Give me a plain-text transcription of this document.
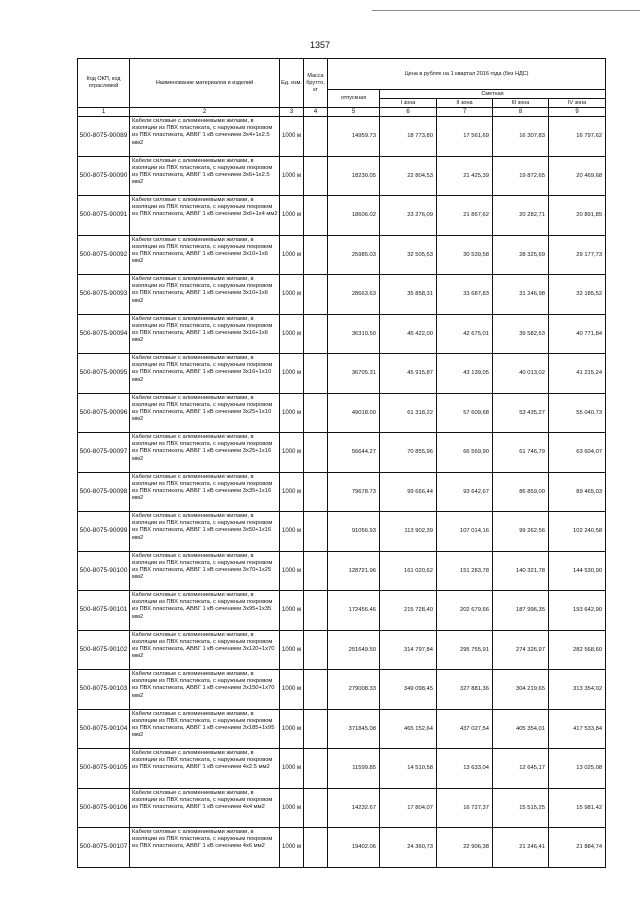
1357
Код ОКП, код отраслевой	Наименование материалов и изделий	Ед. изм.	Масса брутто, кг	Цена в рублях на 1 квартал 2016 года (без НДС)				
				отпускная	Сметная			
					I зона	II зона	III зона	IV зона
1	2	3	4	5	6	7	8	9
500-8075-90089	Кабели силовые с алюминиевыми жилами, в изоляции из ПВХ пластиката, с наружным покровом из ПВХ пластиката, АВВГ 1 кВ сечением 3х4+1х2.5 мм2	1000 м		14959.73	18 773,80	17 561,69	16 307,83	16 797,62
500-8075-90090	Кабели силовые с алюминиевыми жилами, в изоляции из ПВХ пластиката, с наружным покровом из ПВХ пластиката, АВВГ 1 кВ сечением 3х6+1х2.5 мм2	1000 м		18230.05	22 804,53	21 425,39	19 872,65	20 469,68
500-8075-90091	Кабели силовые с алюминиевыми жилами, в изоляции из ПВХ пластиката, с наружным покровом из ПВХ пластиката, АВВГ 1 кВ сечением 3х6+1х4 мм2	1000 м		18606.02	23 276,09	21 867,62	20 282,71	20 891,85
500-8075-90092	Кабели силовые с алюминиевыми жилами, в изоляции из ПВХ пластиката, с наружным покровом из ПВХ пластиката, АВВГ 1 кВ сечением 3х10+1х6 мм2	1000 м		25985.03	32 505,53	30 539,58	28 325,69	29 177,73
500-8075-90093	Кабели силовые с алюминиевыми жилами, в изоляции из ПВХ пластиката, с наружным покровом из ПВХ пластиката, АВВГ 1 кВ сечением 3х10+1х6 мм2	1000 м		28663.63	35 858,31	33 687,83	31 246,98	32 185,52
500-8075-90094	Кабели силовые с алюминиевыми жилами, в изоляции из ПВХ пластиката, с наружным покровом из ПВХ пластиката, АВВГ 1 кВ сечением 3х16+1х6 мм2	1000 м		36310.50	45 422,00	42 675,01	39 582,63	40 771,84
500-8075-90095	Кабели силовые с алюминиевыми жилами, в изоляции из ПВХ пластиката, с наружным покровом из ПВХ пластиката, АВВГ 1 кВ сечением 3х16+1х10 мм2	1000 м		36705.31	45 915,87	43 139,05	40 013,02	41 215,24
500-8075-90096	Кабели силовые с алюминиевыми жилами, в изоляции из ПВХ пластиката, с наружным покровом из ПВХ пластиката, АВВГ 1 кВ сечением 3х25+1х10 мм2	1000 м		49018.00	61 318,22	57 609,68	53 435,27	55 040,73
500-8075-90097	Кабели силовые с алюминиевыми жилами, в изоляции из ПВХ пластиката, с наружным покровом из ПВХ пластиката, АВВГ 1 кВ сечением 3х25+1х16 мм2	1000 м		56644.27	70 855,96	66 569,90	61 746,79	63 604,07
500-8075-90098	Кабели силовые с алюминиевыми жилами, в изоляции из ПВХ пластиката, с наружным покровом из ПВХ пластиката, АВВГ 1 кВ сечением 3х35+1х16 мм2	1000 м		79678.73	99 666,44	93 642,67	86 859,00	89 465,03
500-8075-90099	Кабели силовые с алюминиевыми жилами, в изоляции из ПВХ пластиката, с наружным покровом из ПВХ пластиката, АВВГ 1 кВ сечением 3х50+1х16 мм2	1000 м		91056.93	113 902,39	107 014,16	99 262,56	102 240,58
500-8075-90100	Кабели силовые с алюминиевыми жилами, в изоляции из ПВХ пластиката, с наружным покровом из ПВХ пластиката, АВВГ 1 кВ сечением 3х70+1х25 мм2	1000 м		128721.96	161 020,62	151 283,78	140 321,78	144 530,90
500-8075-90101	Кабели силовые с алюминиевыми жилами, в изоляции из ПВХ пластиката, с наружным покровом из ПВХ пластиката, АВВГ 1 кВ сечением 3х95+1х35 мм2	1000 м		172456.46	215 728,40	202 679,66	187 996,35	193 642,90
500-8075-90102	Кабели силовые с алюминиевыми жилами, в изоляции из ПВХ пластиката, с наружным покровом из ПВХ пластиката, АВВГ 1 кВ сечением 3х120+1х70 мм2	1000 м		251649.50	314 797,84	295 755,91	274 326,97	282 568,60
500-8075-90103	Кабели силовые с алюминиевыми жилами, в изоляции из ПВХ пластиката, с наружным покровом из ПВХ пластиката, АВВГ 1 кВ сечением 3х150+1х70 мм2	1000 м		279008.33	349 098,45	327 881,36	304 219,65	313 354,02
500-8075-90104	Кабели силовые с алюминиевыми жилами, в изоляции из ПВХ пластиката, с наружным покровом из ПВХ пластиката, АВВГ 1 кВ сечением 3х185+1х95 мм2	1000 м		371845.08	465 152,64	437 027,54	405 354,01	417 533,84
500-8075-90105	Кабели силовые с алюминиевыми жилами, в изоляции из ПВХ пластиката, с наружным покровом из ПВХ пластиката, АВВГ 1 кВ сечением 4х2.5 мм2	1000 м		11599.85	14 510,58	13 633,04	12 645,17	13 025,08
500-8075-90106	Кабели силовые с алюминиевыми жилами, в изоляции из ПВХ пластиката, с наружным покровом из ПВХ пластиката, АВВГ 1 кВ сечением 4х4 мм2	1000 м		14232.67	17 804,07	16 727,37	15 515,25	15 981,42
500-8075-90107	Кабели силовые с алюминиевыми жилами, в изоляции из ПВХ пластиката, с наружным покровом из ПВХ пластиката, АВВГ 1 кВ сечением 4х6 мм2	1000 м		19402.06	24 360,73	22 906,38	21 246,41	21 884,74
